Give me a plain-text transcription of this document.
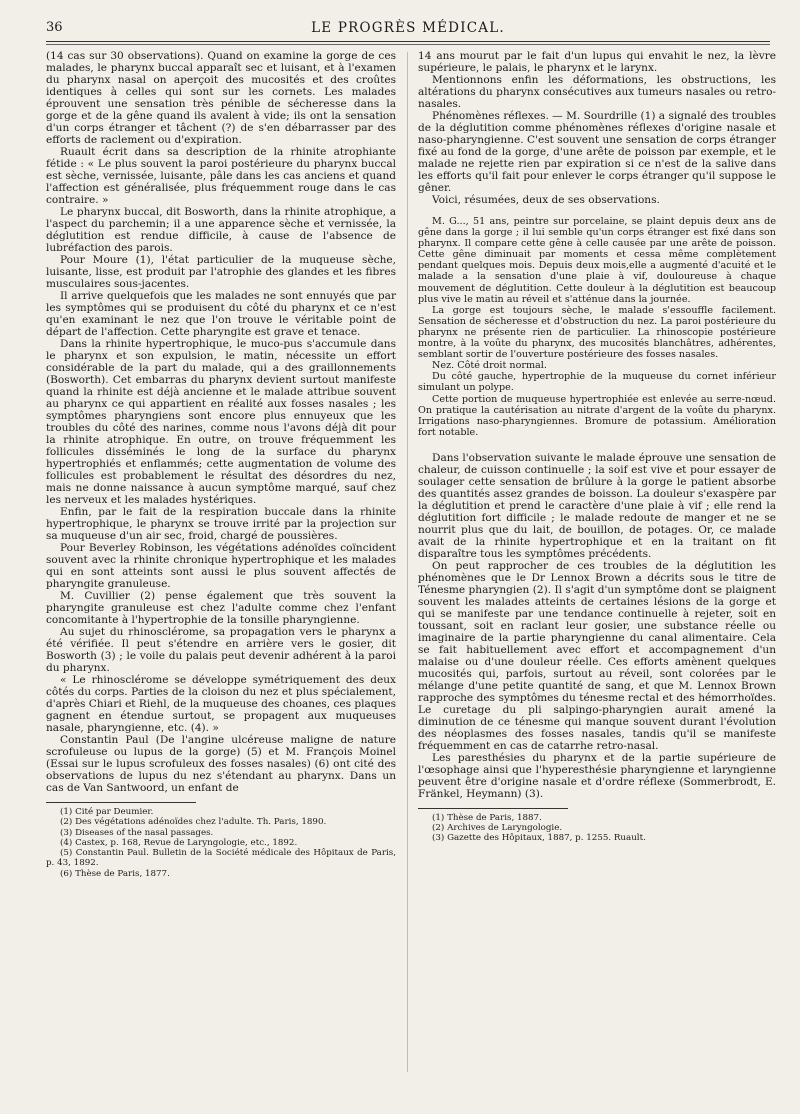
36	LE PROGRÈS MÉDICAL.

(14 cas sur 30 observations). Quand on examine la gorge de ces malades, le pharynx buccal apparaît sec et luisant, et à l'examen du pharynx nasal on aperçoit des mucosités et des croûtes identiques à celles qui sont sur les cornets. Les malades éprouvent une sensation très pénible de sécheresse dans la gorge et de la gêne quand ils avalent à vide; ils ont la sensation d'un corps étranger et tâchent (?) de s'en débarrasser par des efforts de raclement ou d'expiration.

Ruault écrit dans sa description de la rhinite atrophiante fétide : « Le plus souvent la paroi postérieure du pharynx buccal est sèche, vernissée, luisante, pâle dans les cas anciens et quand l'affection est généralisée, plus fréquemment rouge dans le cas contraire. »

Le pharynx buccal, dit Bosworth, dans la rhinite atrophique, a l'aspect du parchemin; il a une apparence sèche et vernissée, la déglutition est rendue difficile, à cause de l'absence de lubréfaction des parois.

Pour Moure (1), l'état particulier de la muqueuse sèche, luisante, lisse, est produit par l'atrophie des glandes et les fibres musculaires sous-jacentes.

Il arrive quelquefois que les malades ne sont ennuyés que par les symptômes qui se produisent du côté du pharynx et ce n'est qu'en examinant le nez que l'on trouve le véritable point de départ de l'affection. Cette pharyngite est grave et tenace.

Dans la rhinite hypertrophique, le muco-pus s'accumule dans le pharynx et son expulsion, le matin, nécessite un effort considérable de la part du malade, qui a des graillonnements (Bosworth). Cet embarras du pharynx devient surtout manifeste quand la rhinite est déjà ancienne et le malade attribue souvent au pharynx ce qui appartient en réalité aux fosses nasales ; les symptômes pharyngiens sont encore plus ennuyeux que les troubles du côté des narines, comme nous l'avons déjà dit pour la rhinite atrophique. En outre, on trouve fréquemment les follicules disséminés le long de la surface du pharynx hypertrophiés et enflammés; cette augmentation de volume des follicules est probablement le résultat des désordres du nez, mais ne donne naissance à aucun symptôme marqué, sauf chez les nerveux et les malades hystériques.

Enfin, par le fait de la respiration buccale dans la rhinite hypertrophique, le pharynx se trouve irrité par la projection sur sa muqueuse d'un air sec, froid, chargé de poussières.

Pour Beverley Robinson, les végétations adénoïdes coïncident souvent avec la rhinite chronique hypertrophique et les malades qui en sont atteints sont aussi le plus souvent affectés de pharyngite granuleuse.

M. Cuvillier (2) pense également que très souvent la pharyngite granuleuse est chez l'adulte comme chez l'enfant concomitante à l'hypertrophie de la tonsille pharyngienne.

Au sujet du rhinosclérome, sa propagation vers le pharynx a été vérifiée. Il peut s'étendre en arrière vers le gosier, dit Bosworth (3) ; le voile du palais peut devenir adhérent à la paroi du pharynx.

« Le rhinosclérome se développe symétriquement des deux côtés du corps. Parties de la cloison du nez et plus spécialement, d'après Chiari et Riehl, de la muqueuse des choanes, ces plaques gagnent en étendue surtout, se propagent aux muqueuses nasale, pharyngienne, etc. (4). »

Constantin Paul (De l'angine ulcéreuse maligne de nature scrofuleuse ou lupus de la gorge) (5) et M. François Moinel (Essai sur le lupus scrofuleux des fosses nasales) (6) ont cité des observations de lupus du nez s'étendant au pharynx. Dans un cas de Van Santwoord, un enfant de

(1) Cité par Deumier.

(2) Des végétations adénoïdes chez l'adulte. Th. Paris, 1890.

(3) Diseases of the nasal passages.

(4) Castex, p. 168, Revue de Laryngologie, etc., 1892.

(5) Constantin Paul. Bulletin de la Société médicale des Hôpitaux de Paris, p. 43, 1892.

(6) Thèse de Paris, 1877.

14 ans mourut par le fait d'un lupus qui envahit le nez, la lèvre supérieure, le palais, le pharynx et le larynx.

Mentionnons enfin les déformations, les obstructions, les altérations du pharynx consécutives aux tumeurs nasales ou retro-nasales.

Phénomènes réflexes. — M. Sourdrille (1) a signalé des troubles de la déglutition comme phénomènes réflexes d'origine nasale et naso-pharyngienne. C'est souvent une sensation de corps étranger fixé au fond de la gorge, d'une arête de poisson par exemple, et le malade ne rejette rien par expiration si ce n'est de la salive dans les efforts qu'il fait pour enlever le corps étranger qu'il suppose le gêner.

Voici, résumées, deux de ses observations.

M. G..., 51 ans, peintre sur porcelaine, se plaint depuis deux ans de gêne dans la gorge ; il lui semble qu'un corps étranger est fixé dans son pharynx. Il compare cette gêne à celle causée par une arête de poisson. Cette gêne diminuait par moments et cessa même complètement pendant quelques mois. Depuis deux mois,elle a augmenté d'acuité et le malade a la sensation d'une plaie à vif, douloureuse à chaque mouvement de déglutition. Cette douleur à la déglutition est beaucoup plus vive le matin au réveil et s'atténue dans la journée.

La gorge est toujours sèche, le malade s'essouffle facilement. Sensation de sécheresse et d'obstruction du nez. La paroi postérieure du pharynx ne présente rien de particulier. La rhinoscopie postérieure montre, à la voûte du pharynx, des mucosités blanchâtres, adhérentes, semblant sortir de l'ouverture postérieure des fosses nasales.

Nez. Côté droit normal.

Du côté gauche, hypertrophie de la muqueuse du cornet inférieur simulant un polype.

Cette portion de muqueuse hypertrophiée est enlevée au serre-nœud. On pratique la cautérisation au nitrate d'argent de la voûte du pharynx. Irrigations naso-pharyngiennes. Bromure de potassium. Amélioration fort notable.

Dans l'observation suivante le malade éprouve une sensation de chaleur, de cuisson continuelle ; la soif est vive et pour essayer de soulager cette sensation de brûlure à la gorge le patient absorbe des quantités assez grandes de boisson. La douleur s'exaspère par la déglutition et prend le caractère d'une plaie à vif ; elle rend la déglutition fort difficile ; le malade redoute de manger et ne se nourrit plus que du lait, de bouillon, de potages. Or, ce malade avait de la rhinite hypertrophique et en la traitant on fit disparaître tous les symptômes précédents.

On peut rapprocher de ces troubles de la déglutition les phénomènes que le Dr Lennox Brown a décrits sous le titre de Ténesme pharyngien (2). Il s'agit d'un symptôme dont se plaignent souvent les malades atteints de certaines lésions de la gorge et qui se manifeste par une tendance continuelle à rejeter, soit en toussant, soit en raclant leur gosier, une substance réelle ou imaginaire de la partie pharyngienne du canal alimentaire. Cela se fait habituellement avec effort et accompagnement d'un malaise ou d'une douleur réelle. Ces efforts amènent quelques mucosités qui, parfois, surtout au réveil, sont colorées par le mélange d'une petite quantité de sang, et que M. Lennox Brown rapproche des symptômes du ténesme rectal et des hémorrhoïdes. Le curetage du pli salpingo-pharyngien aurait amené la diminution de ce ténesme qui manque souvent durant l'évolution des néoplasmes des fosses nasales, tandis qu'il se manifeste fréquemment en cas de catarrhe retro-nasal.

Les paresthésies du pharynx et de la partie supérieure de l'œsophage ainsi que l'hyperesthésie pharyngienne et laryngienne peuvent être d'origine nasale et d'ordre réflexe (Sommerbrodt, E. Fränkel, Heymann) (3).

(1) Thèse de Paris, 1887.

(2) Archives de Laryngologie.

(3) Gazette des Hôpitaux, 1887, p. 1255. Ruault.
